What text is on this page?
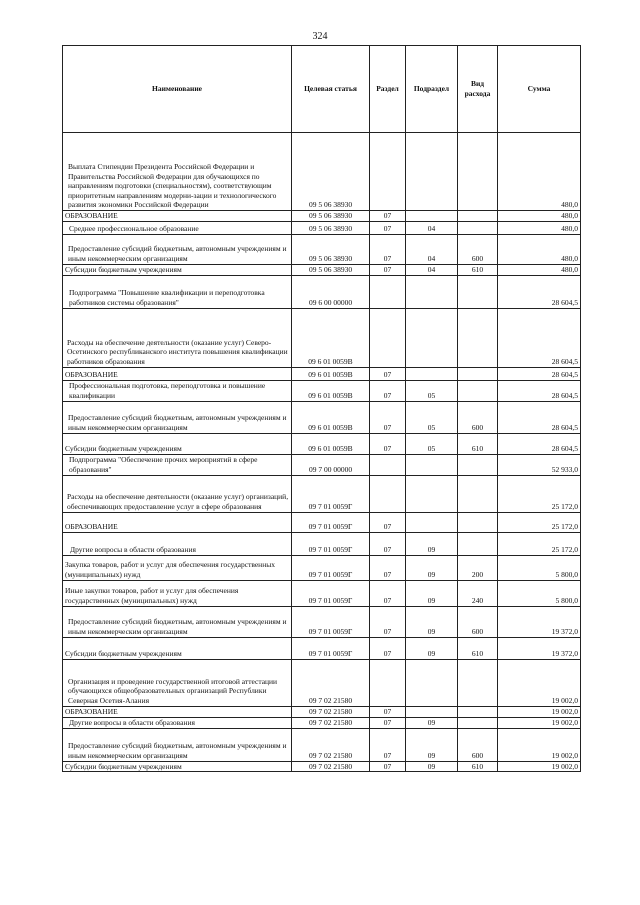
324
Наименование	Целевая статья	Раздел	Подраздел	Вид расхода	Сумма
Выплата Стипендии Президента Российской Федерации и Правительства Российской Федерации для обучающихся по направлениям подготовки (специальностям), соответствующим приоритетным направлениям модерни-зации и технологического развития экономики Российской Федерации	09 5 06 38930				480,0
ОБРАЗОВАНИЕ	09 5 06 38930	07			480,0
Среднее профессиональное образование	09 5 06 38930	07	04		480,0
Предоставление субсидий бюджетным, автономным учреждениям и иным некоммерческим организациям	09 5 06 38930	07	04	600	480,0
Субсидии бюджетным учреждениям	09 5 06 38930	07	04	610	480,0
Подпрограмма "Повышение квалификации и переподготовка работников системы образования"	09 6 00 00000				28 604,5
Расходы на обеспечение деятельности (оказание услуг) Северо-Осетинского республиканского института повышения квалификации работников образования	09 6 01 0059В				28 604,5
ОБРАЗОВАНИЕ	09 6 01 0059В	07			28 604,5
Профессиональная подготовка, переподготовка и повышение квалификации	09 6 01 0059В	07	05		28 604,5
Предоставление субсидий бюджетным, автономным учреждениям и иным некоммерческим организациям	09 6 01 0059В	07	05	600	28 604,5
Субсидии бюджетным учреждениям	09 6 01 0059В	07	05	610	28 604,5
Подпрограмма "Обеспечение прочих мероприятий в сфере образования"	09 7 00 00000				52 933,0
Расходы на обеспечение деятельности (оказание услуг) организаций, обеспечивающих предоставление услуг в сфере образования	09 7 01 0059Г				25 172,0
ОБРАЗОВАНИЕ	09 7 01 0059Г	07			25 172,0
Другие вопросы в области образования	09 7 01 0059Г	07	09		25 172,0
Закупка товаров, работ и услуг для обеспечения государственных (муниципальных) нужд	09 7 01 0059Г	07	09	200	5 800,0
Иные закупки товаров, работ и услуг для обеспечения государственных (муниципальных) нужд	09 7 01 0059Г	07	09	240	5 800,0
Предоставление субсидий бюджетным, автономным учреждениям и иным некоммерческим организациям	09 7 01 0059Г	07	09	600	19 372,0
Субсидии бюджетным учреждениям	09 7 01 0059Г	07	09	610	19 372,0
Организация и проведение государственной итоговой аттестации обучающихся общеобразовательных организаций Республики Северная Осетия-Алания	09 7 02 21580				19 002,0
ОБРАЗОВАНИЕ	09 7 02 21580	07			19 002,0
Другие вопросы в области образования	09 7 02 21580	07	09		19 002,0
Предоставление субсидий бюджетным, автономным учреждениям и иным некоммерческим организациям	09 7 02 21580	07	09	600	19 002,0
Субсидии бюджетным учреждениям	09 7 02 21580	07	09	610	19 002,0
